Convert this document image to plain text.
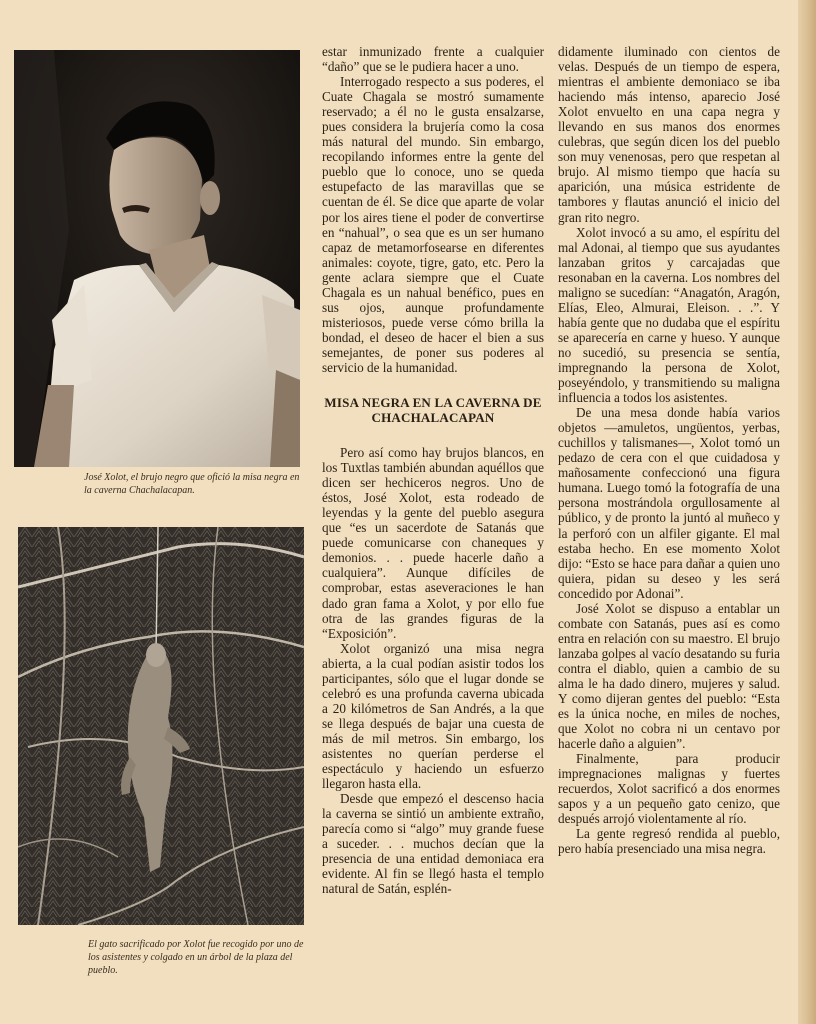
José Xolot, el brujo negro que ofició la misa negra en la caverna Chachalacapan.
El gato sacrificado por Xolot fue recogido por uno de los asistentes y colgado en un árbol de la plaza del pueblo.

estar inmunizado frente a cualquier “daño” que se le pudiera hacer a uno.

Interrogado respecto a sus poderes, el Cuate Chagala se mostró sumamente reservado; a él no le gusta ensalzarse, pues considera la brujería como la cosa más natural del mundo. Sin embargo, recopilando informes entre la gente del pueblo que lo conoce, uno se queda estupefacto de las maravillas que se cuentan de él. Se dice que aparte de volar por los aires tiene el poder de convertirse en “nahual”, o sea que es un ser humano capaz de metamorfosearse en diferentes animales: coyote, tigre, gato, etc. Pero la gente aclara siempre que el Cuate Chagala es un nahual benéfico, pues en sus ojos, aunque profundamente misteriosos, puede verse cómo brilla la bondad, el deseo de hacer el bien a sus semejantes, de poner sus poderes al servicio de la humanidad.

MISA NEGRA EN LA CAVERNA DE CHACHALACAPAN

Pero así como hay brujos blancos, en los Tuxtlas también abundan aquéllos que dicen ser hechiceros negros. Uno de éstos, José Xolot, esta rodeado de leyendas y la gente del pueblo asegura que “es un sacerdote de Satanás que puede comunicarse con chaneques y demonios. . . puede hacerle daño a cualquiera”. Aunque difíciles de comprobar, estas aseveraciones le han dado gran fama a Xolot, y por ello fue otra de las grandes figuras de la “Exposición”.

Xolot organizó una misa negra abierta, a la cual podían asistir todos los participantes, sólo que el lugar donde se celebró es una profunda caverna ubicada a 20 kilómetros de San Andrés, a la que se llega después de bajar una cuesta de más de mil metros. Sin embargo, los asistentes no querían perderse el espectáculo y haciendo un esfuerzo llegaron hasta ella.

Desde que empezó el descenso hacia la caverna se sintió un ambiente extraño, parecía como si “algo” muy grande fuese a suceder. . . muchos decían que la presencia de una entidad demoniaca era evidente. Al fin se llegó hasta el templo natural de Satán, esplén-

didamente iluminado con cientos de velas. Después de un tiempo de espera, mientras el ambiente demoniaco se iba haciendo más intenso, aparecio José Xolot envuelto en una capa negra y llevando en sus manos dos enormes culebras, que según dicen los del pueblo son muy venenosas, pero que respetan al brujo. Al mismo tiempo que hacía su aparición, una música estridente de tambores y flautas anunció el inicio del gran rito negro.

Xolot invocó a su amo, el espíritu del mal Adonai, al tiempo que sus ayudantes lanzaban gritos y carcajadas que resonaban en la caverna. Los nombres del maligno se sucedían: “Anagatón, Aragón, Elías, Eleo, Almurai, Eleison. . .”. Y había gente que no dudaba que el espíritu se aparecería en carne y hueso. Y aunque no sucedió, su presencia se sentía, impregnando la persona de Xolot, poseyéndolo, y transmitiendo su maligna influencia a todos los asistentes.

De una mesa donde había varios objetos —amuletos, ungüentos, yerbas, cuchillos y talismanes—, Xolot tomó un pedazo de cera con el que cuidadosa y mañosamente confeccionó una figura humana. Luego tomó la fotografía de una persona mostrándola orgullosamente al público, y de pronto la juntó al muñeco y la perforó con un alfiler gigante. El mal estaba hecho. En ese momento Xolot dijo: “Esto se hace para dañar a quien uno quiera, pidan su deseo y les será concedido por Adonai”.

José Xolot se dispuso a entablar un combate con Satanás, pues así es como entra en relación con su maestro. El brujo lanzaba golpes al vacío desatando su furia contra el diablo, quien a cambio de su alma le ha dado dinero, mujeres y salud. Y como dijeran gentes del pueblo: “Esta es la única noche, en miles de noches, que Xolot no cobra ni un centavo por hacerle daño a alguien”.

Finalmente, para producir impregnaciones malignas y fuertes recuerdos, Xolot sacrificó a dos enormes sapos y a un pequeño gato cenizo, que después arrojó violentamente al río.

La gente regresó rendida al pueblo, pero había presenciado una misa negra.
